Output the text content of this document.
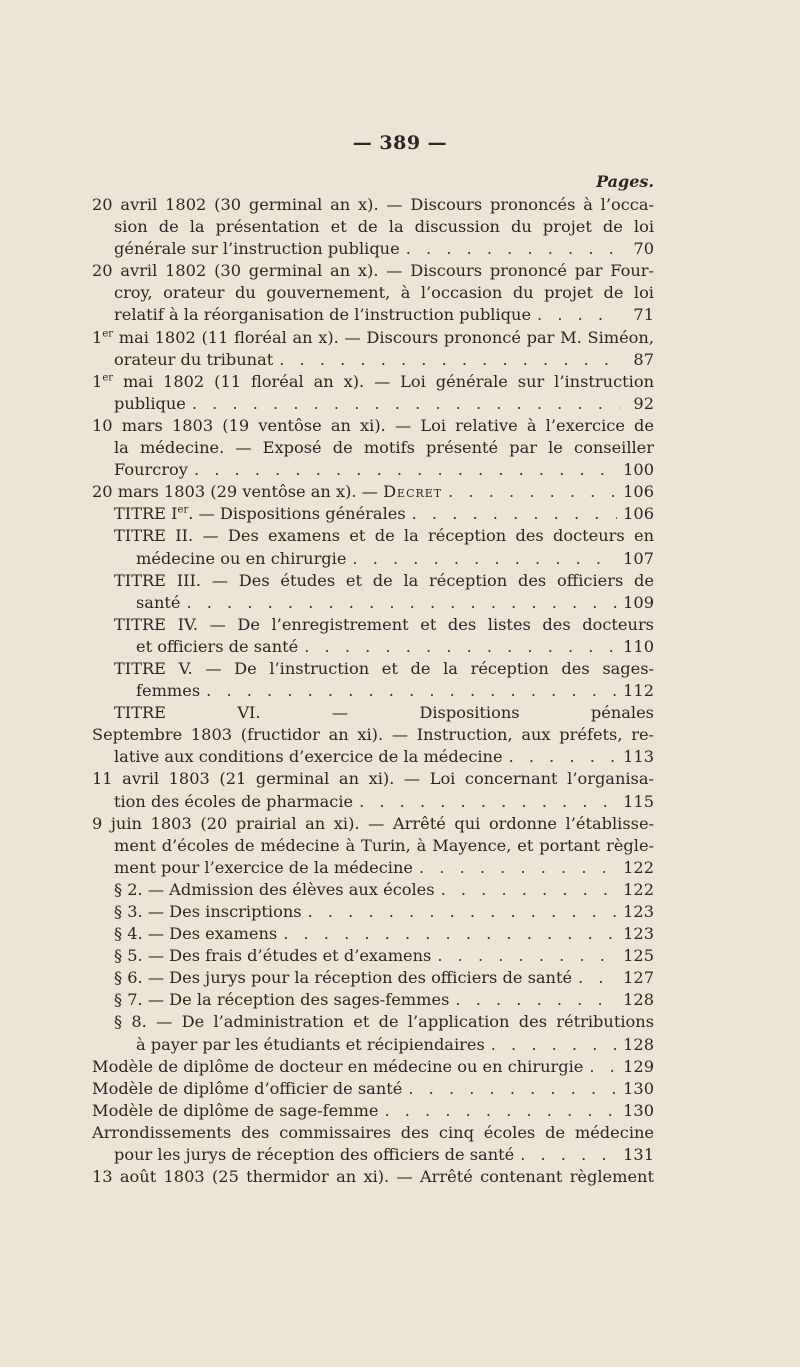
— 389 —
Pages.
20 avril 1802 (30 germinal an x). — Discours prononcés à l’occa-
sion de la présentation et de la discussion du projet de loi
générale sur l’instruction publique . . .	70
20 avril 1802 (30 germinal an x). — Discours prononcé par Four-
croy, orateur du gouvernement, à l’occasion du projet de loi
relatif à la réorganisation de l’instruction publique . . .	71
1er mai 1802 (11 floréal an x). — Discours prononcé par M. Siméon,
orateur du tribunat . . .	87
1er mai 1802 (11 floréal an x). — Loi générale sur l’instruction
publique . . .	92
10 mars 1803 (19 ventôse an xi). — Loi relative à l’exercice de
la médecine. — Exposé de motifs présenté par le conseiller
Fourcroy . . .	100
20 mars 1803 (29 ventôse an x). — Decret . . .	106
TITRE Ier. — Dispositions générales . . .	106
TITRE II. — Des examens et de la réception des docteurs en
médecine ou en chirurgie . . .	107
TITRE III. — Des études et de la réception des officiers de
santé . . .	109
TITRE IV. — De l’enregistrement et des listes des docteurs
et officiers de santé . . .	110
TITRE V. — De l’instruction et de la réception des sages-
femmes . . .	112
TITRE VI. — Dispositions pénales
Septembre 1803 (fructidor an xi). — Instruction, aux préfets, re-
lative aux conditions d’exercice de la médecine . . .	113
11 avril 1803 (21 germinal an xi). — Loi concernant l’organisa-
tion des écoles de pharmacie . . .	115
9 juin 1803 (20 prairial an xi). — Arrêté qui ordonne l’établisse-
ment d’écoles de médecine à Turin, à Mayence, et portant règle-
ment pour l’exercice de la médecine . . .	122
§ 2. — Admission des élèves aux écoles . . .	122
§ 3. — Des inscriptions . . .	123
§ 4. — Des examens . . .	123
§ 5. — Des frais d’études et d’examens . . .	125
§ 6. — Des jurys pour la réception des officiers de santé . . .	127
§ 7. — De la réception des sages-femmes . . .	128
§ 8. — De l’administration et de l’application des rétributions
à payer par les étudiants et récipiendaires . . .	128
Modèle de diplôme de docteur en médecine ou en chirurgie . . . 129
Modèle de diplôme d’officier de santé . . .	130
Modèle de diplôme de sage-femme . . .	130
Arrondissements des commissaires des cinq écoles de médecine
pour les jurys de réception des officiers de santé . . .	131
13 août 1803 (25 thermidor an xi). — Arrêté contenant règlement
